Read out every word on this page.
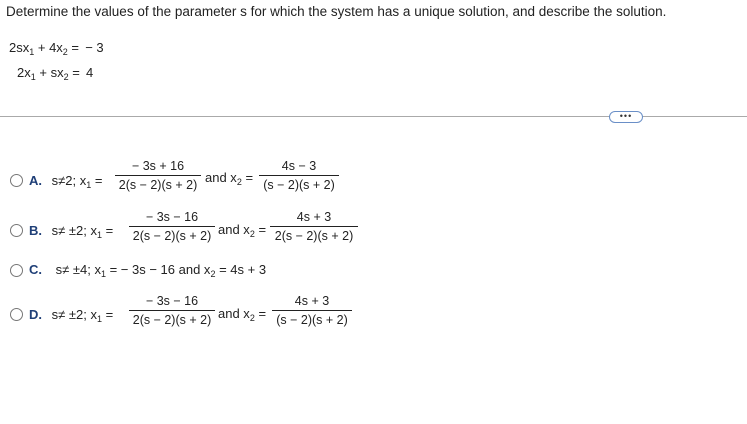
Determine the values of the parameter s for which the system has a unique solution, and describe the solution.
$2sx_1 + 4x_2$ =  − 3
$2x_1 + sx_2 = 4$
•••
A. s≠2; $x_1 = \frac{- 3s + 16}{2(s - 2)(s + 2)}$ and $x_2 = \frac{4s - 3}{(s - 2)(s + 2)}$
B. s≠ ±2; $x_1 = \frac{- 3s - 16}{2(s - 2)(s + 2)}$ and $x_2 = \frac{4s + 3}{2(s - 2)(s + 2)}$
C. s≠ ±4; $x_1$ = − 3s − 16 and $x_2 = 4s + 3$
D. s≠ ±2; $x_1 = \frac{- 3s - 16}{2(s - 2)(s + 2)}$ and $x_2 = \frac{4s + 3}{(s - 2)(s + 2)}$
